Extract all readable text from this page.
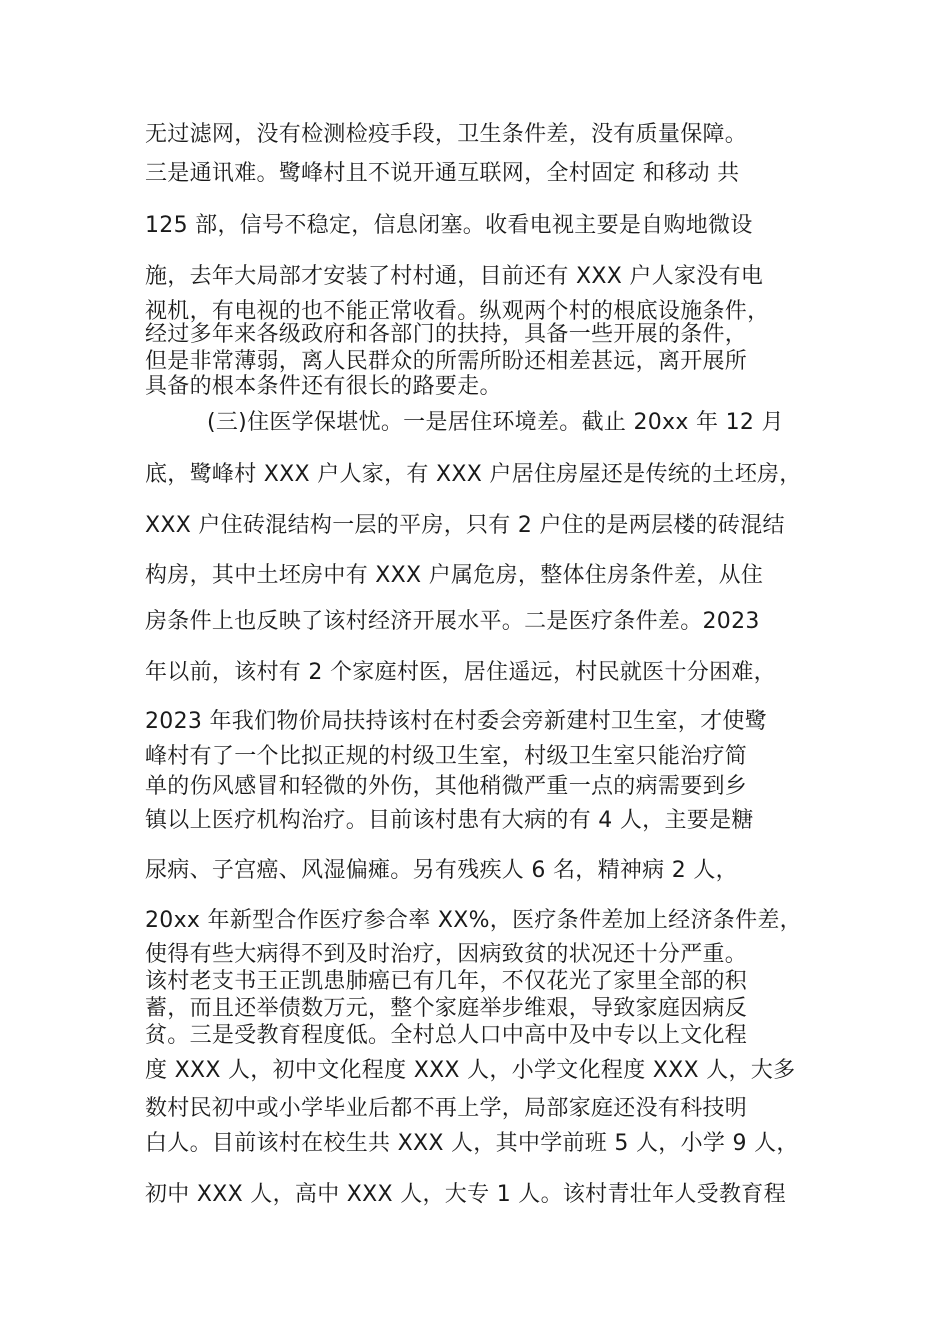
无过滤网，没有检测检疫手段，卫生条件差，没有质量保障。
三是通讯难。鹭峰村且不说开通互联网，全村固定 和移动 共
125 部，信号不稳定，信息闭塞。收看电视主要是自购地微设
施，去年大局部才安装了村村通，目前还有 XXX 户人家没有电
视机，有电视的也不能正常收看。纵观两个村的根底设施条件，
经过多年来各级政府和各部门的扶持，具备一些开展的条件，
但是非常薄弱，离人民群众的所需所盼还相差甚远，离开展所
具备的根本条件还有很长的路要走。
(三)住医学保堪忧。一是居住环境差。截止 20xx 年 12 月
底，鹭峰村 XXX 户人家，有 XXX 户居住房屋还是传统的土坯房，
XXX 户住砖混结构一层的平房，只有 2 户住的是两层楼的砖混结
构房，其中土坯房中有 XXX 户属危房，整体住房条件差，从住
房条件上也反映了该村经济开展水平。二是医疗条件差。2023
年以前，该村有 2 个家庭村医，居住遥远，村民就医十分困难，
2023 年我们物价局扶持该村在村委会旁新建村卫生室，才使鹭
峰村有了一个比拟正规的村级卫生室，村级卫生室只能治疗简
单的伤风感冒和轻微的外伤，其他稍微严重一点的病需要到乡
镇以上医疗机构治疗。目前该村患有大病的有 4 人，主要是糖
尿病、子宫癌、风湿偏瘫。另有残疾人 6 名，精神病 2 人，
20xx 年新型合作医疗参合率 XX%，医疗条件差加上经济条件差，
使得有些大病得不到及时治疗，因病致贫的状况还十分严重。
该村老支书王正凯患肺癌已有几年，不仅花光了家里全部的积
蓄，而且还举债数万元，整个家庭举步维艰，导致家庭因病反
贫。三是受教育程度低。全村总人口中高中及中专以上文化程
度 XXX 人，初中文化程度 XXX 人，小学文化程度 XXX 人，大多
数村民初中或小学毕业后都不再上学，局部家庭还没有科技明
白人。目前该村在校生共 XXX 人，其中学前班 5 人，小学 9 人，
初中 XXX 人，高中 XXX 人，大专 1 人。该村青壮年人受教育程
